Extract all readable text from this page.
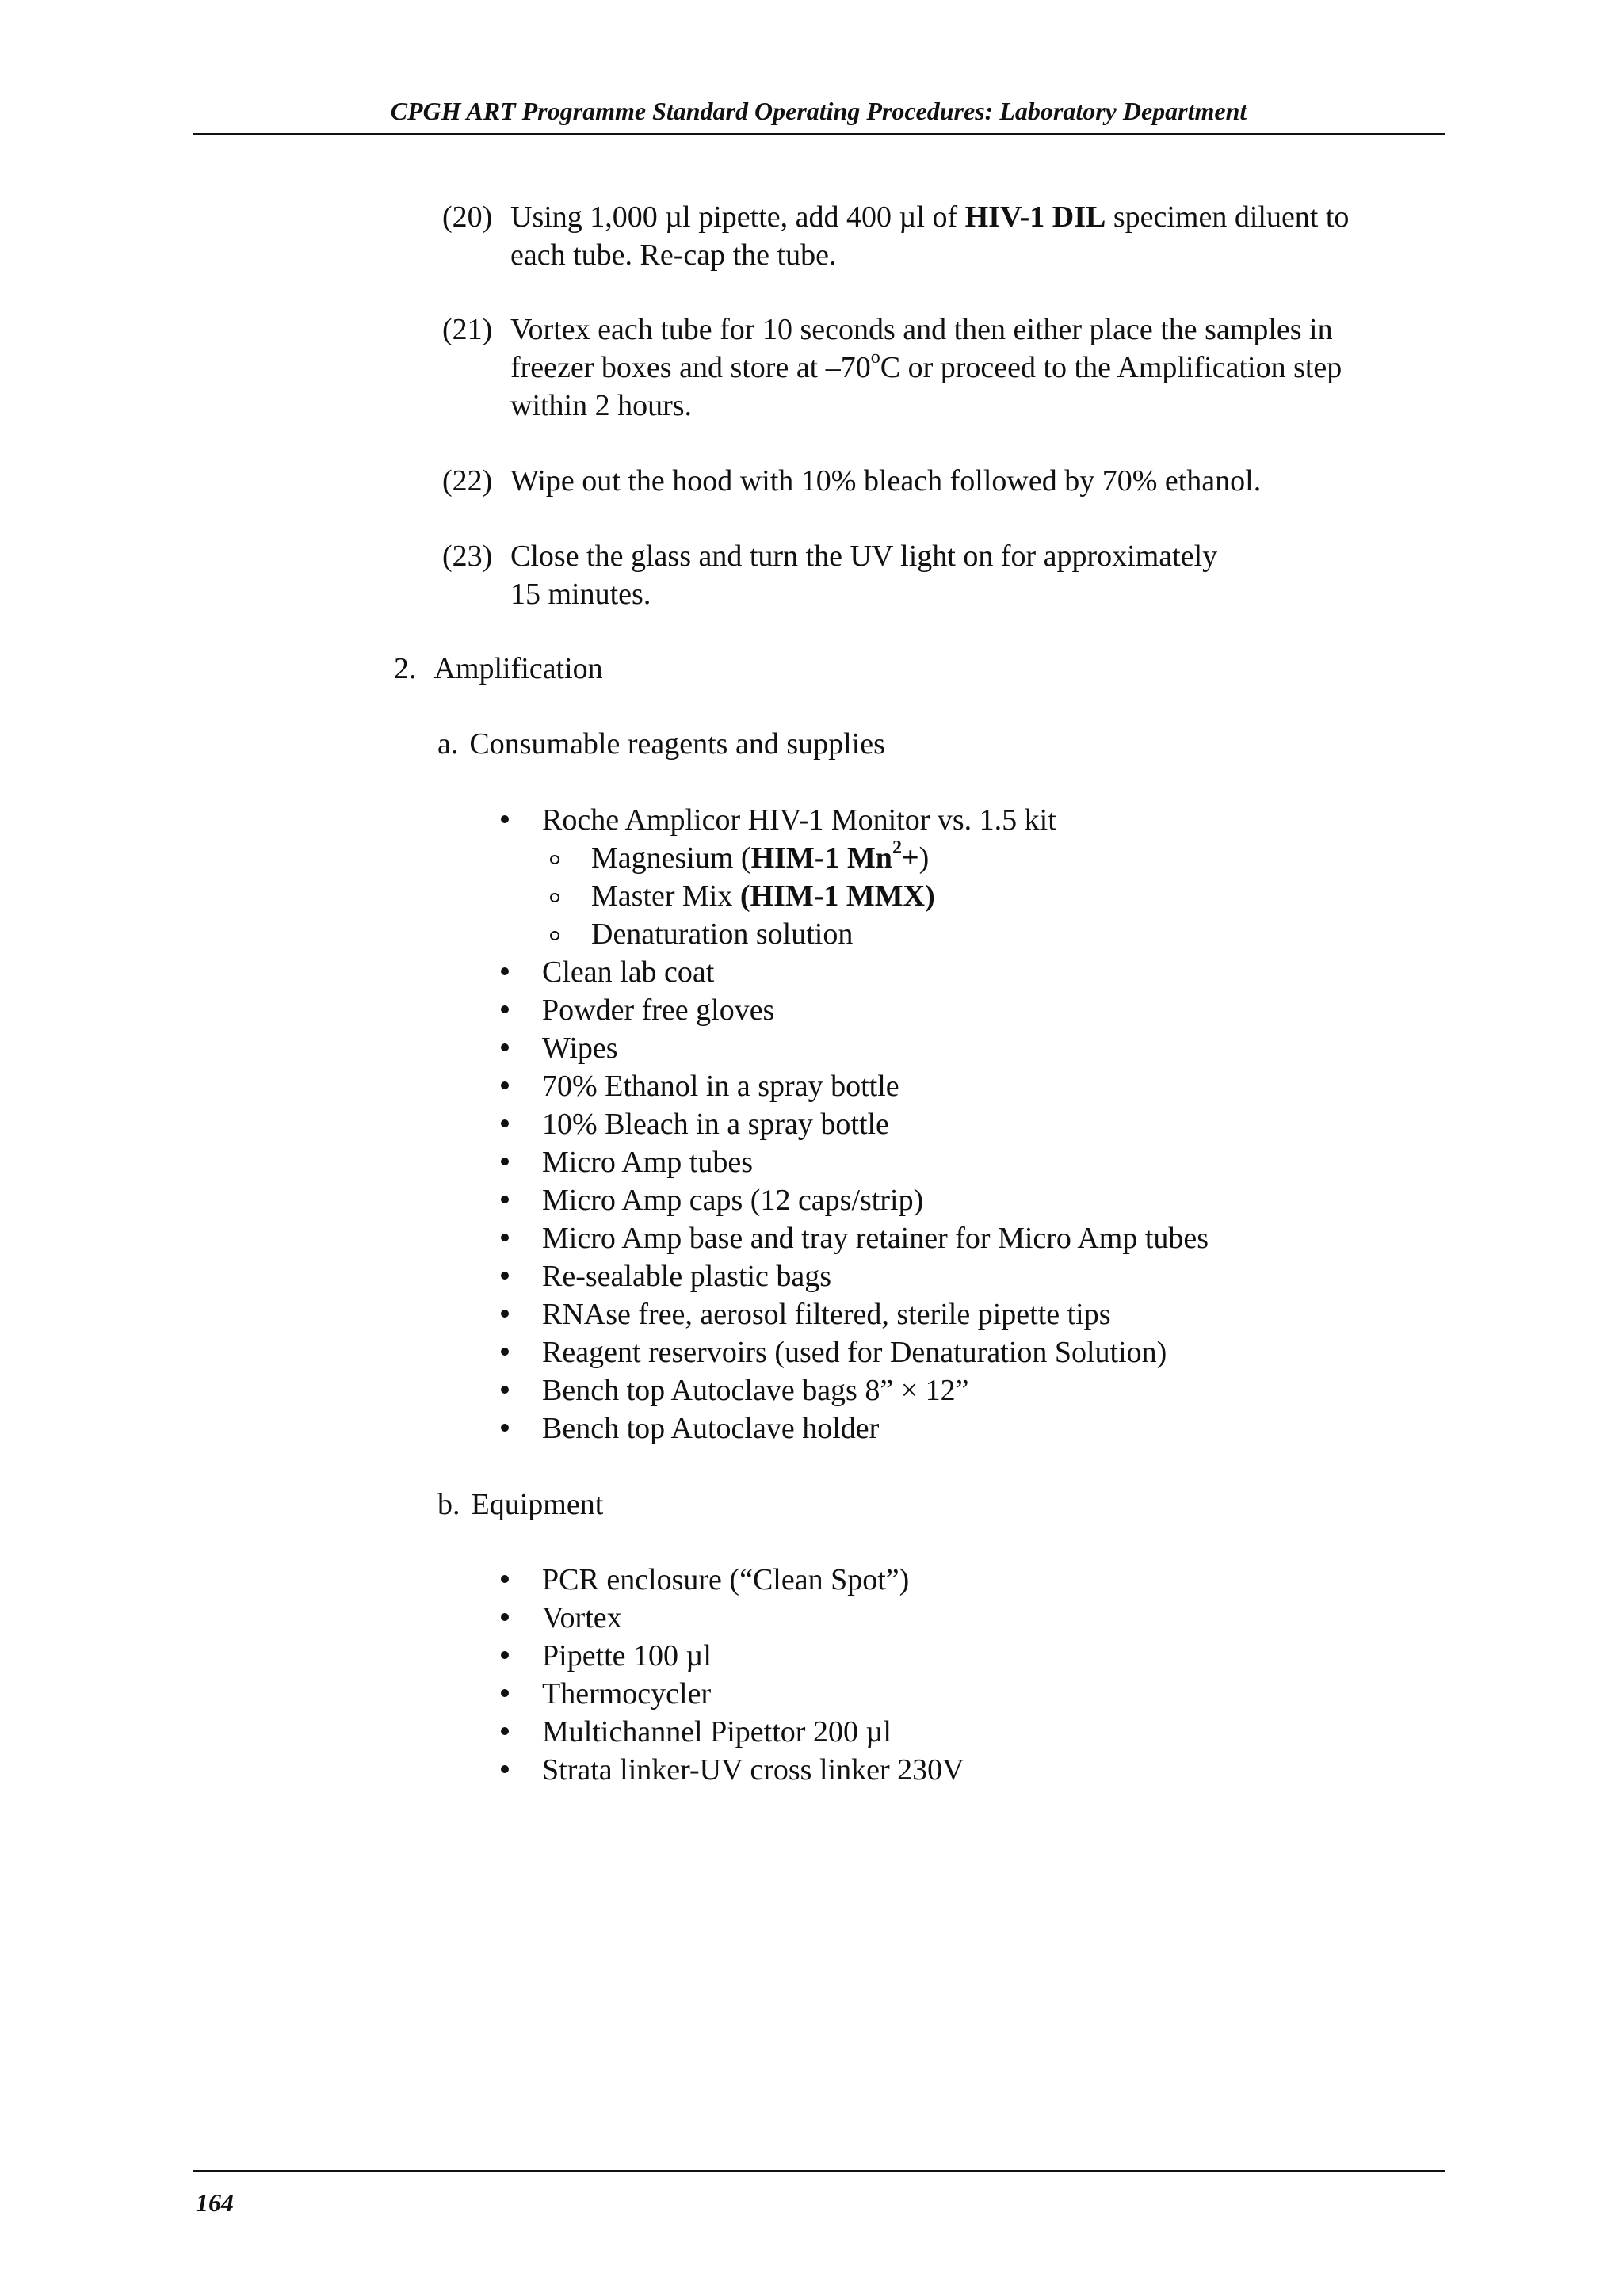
CPGH ART Programme Standard Operating Procedures: Laboratory Department
(20) Using 1,000 µl pipette, add 400 µl of HIV-1 DIL specimen diluent to
each tube. Re-cap the tube.
(21) Vortex each tube for 10 seconds and then either place the samples in
freezer boxes and store at –70$^o$C or proceed to the Amplification step
within 2 hours.
(22) Wipe out the hood with 10% bleach followed by 70% ethanol.
(23) Close the glass and turn the UV light on for approximately
15 minutes.
2. Amplification
a. Consumable reagents and supplies
Roche Amplicor HIV-1 Monitor vs. 1.5 kit
Magnesium (HIM-1 $Mn^2+$)
Master Mix (HIM-1 MMX)
Denaturation solution
Clean lab coat
Powder free gloves
Wipes
70% Ethanol in a spray bottle
10% Bleach in a spray bottle
Micro Amp tubes
Micro Amp caps (12 caps/strip)
Micro Amp base and tray retainer for Micro Amp tubes
Re-sealable plastic bags
RNAse free, aerosol filtered, sterile pipette tips
Reagent reservoirs (used for Denaturation Solution)
Bench top Autoclave bags 8” × 12”
Bench top Autoclave holder
b. Equipment
PCR enclosure (“Clean Spot”)
Vortex
Pipette 100 µl
Thermocycler
Multichannel Pipettor 200 µl
Strata linker-UV cross linker 230V
164
